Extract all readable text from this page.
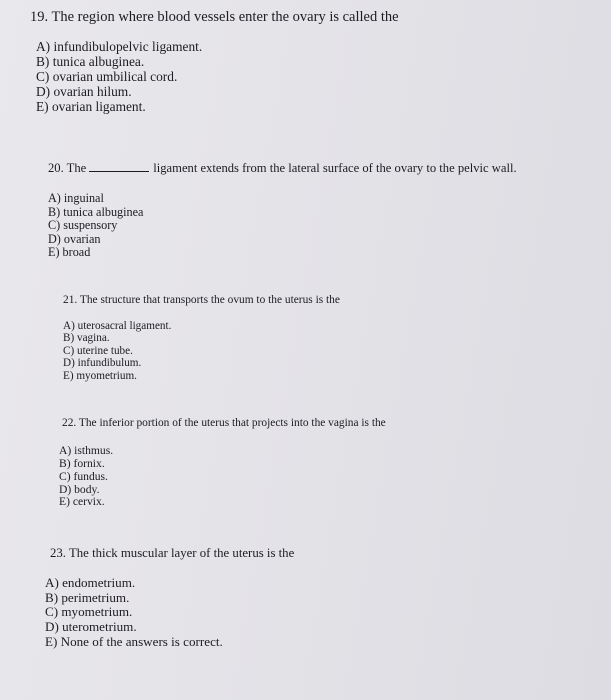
19. The region where blood vessels enter the ovary is called the
A) infundibulopelvic ligament.
B) tunica albuginea.
C) ovarian umbilical cord.
D) ovarian hilum.
E) ovarian ligament.
20. The	ligament extends from the lateral surface of the ovary to the pelvic wall.
A) inguinal
B) tunica albuginea
C) suspensory
D) ovarian
E) broad
21. The structure that transports the ovum to the uterus is the
A) uterosacral ligament.
B) vagina.
C) uterine tube.
D) infundibulum.
E) myometrium.
22. The inferior portion of the uterus that projects into the vagina is the
A) isthmus.
B) fornix.
C) fundus.
D) body.
E) cervix.
23. The thick muscular layer of the uterus is the
A) endometrium.
B) perimetrium.
C) myometrium.
D) uterometrium.
E) None of the answers is correct.
